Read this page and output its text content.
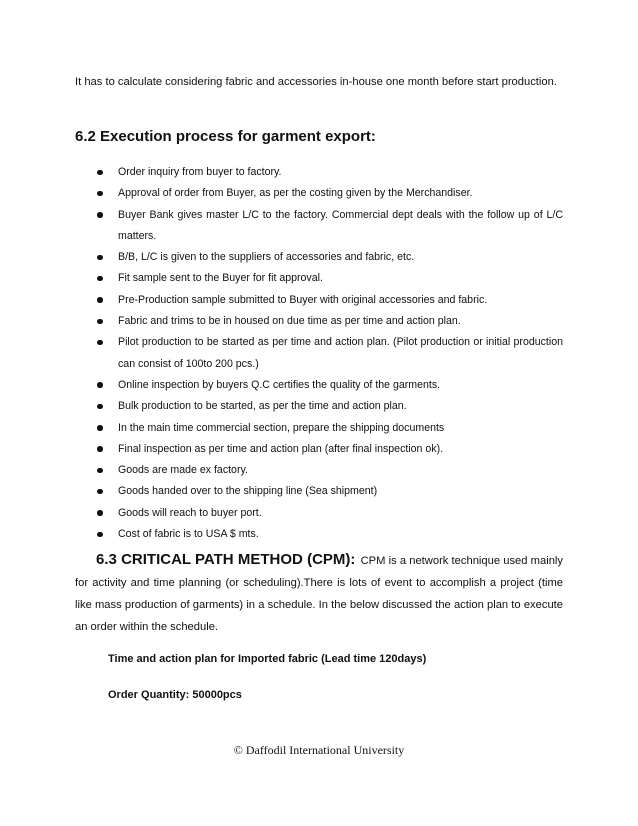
It has to calculate considering fabric and accessories in-house one month before start production.

6.2 Execution process for garment export:
Order inquiry from buyer to factory.
Approval of order from Buyer, as per the costing given by the Merchandiser.
Buyer Bank gives master L/C to the factory. Commercial dept deals with the follow up of L/C matters.
B/B, L/C is given to the suppliers of accessories and fabric, etc.
Fit sample sent to the Buyer for fit approval.
Pre-Production sample submitted to Buyer with original accessories and fabric.
Fabric and trims to be in housed on due time as per time and action plan.
Pilot production to be started as per time and action plan. (Pilot production or initial production can consist of 100to 200 pcs.)
Online inspection by buyers Q.C certifies the quality of the garments.
Bulk production to be started, as per the time and action plan.
In the main time commercial section, prepare the shipping documents
Final inspection as per time and action plan (after final inspection ok).
Goods are made ex factory.
Goods handed over to the shipping line (Sea shipment)
Goods will reach to buyer port.
Cost of fabric is to USA $ mts.

6.3 CRITICAL PATH METHOD (CPM): CPM is a network technique used mainly for activity and time planning (or scheduling).There is lots of event to accomplish a project (time like mass production of garments) in a schedule. In the below discussed the action plan to execute an order within the schedule.

Time and action plan for Imported fabric (Lead time 120days)

Order Quantity: 50000pcs

© Daffodil International University
